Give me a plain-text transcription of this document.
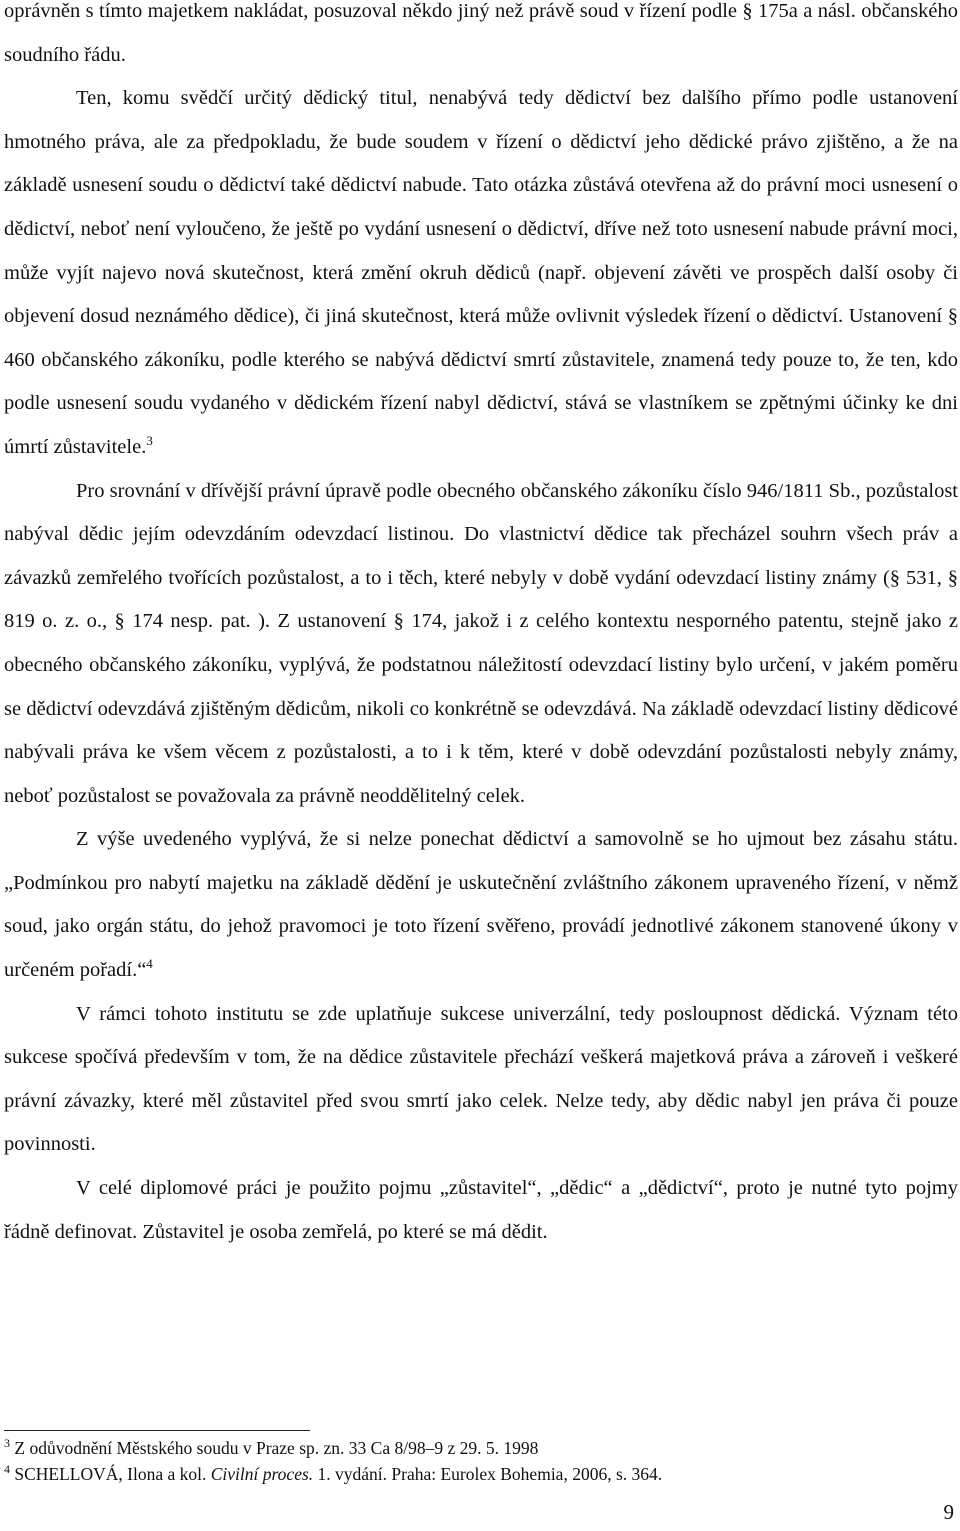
oprávněn s tímto majetkem nakládat, posuzoval někdo jiný než právě soud v řízení podle § 175a a násl. občanského soudního řádu.

Ten, komu svědčí určitý dědický titul, nenabývá tedy dědictví bez dalšího přímo podle ustanovení hmotného práva, ale za předpokladu, že bude soudem v řízení o dědictví jeho dědické právo zjištěno, a že na základě usnesení soudu o dědictví také dědictví nabude. Tato otázka zůstává otevřena až do právní moci usnesení o dědictví, neboť není vyloučeno, že ještě po vydání usnesení o dědictví, dříve než toto usnesení nabude právní moci, může vyjít najevo nová skutečnost, která změní okruh dědiců (např. objevení závěti ve prospěch další osoby či objevení dosud neznámého dědice), či jiná skutečnost, která může ovlivnit výsledek řízení o dědictví. Ustanovení § 460 občanského zákoníku, podle kterého se nabývá dědictví smrtí zůstavitele, znamená tedy pouze to, že ten, kdo podle usnesení soudu vydaného v dědickém řízení nabyl dědictví, stává se vlastníkem se zpětnými účinky ke dni úmrtí zůstavitele.$^3$

Pro srovnání v dřívější právní úpravě podle obecného občanského zákoníku číslo 946/1811 Sb., pozůstalost nabýval dědic jejím odevzdáním odevzdací listinou. Do vlastnictví dědice tak přecházel souhrn všech práv a závazků zemřelého tvořících pozůstalost, a to i těch, které nebyly v době vydání odevzdací listiny známy (§ 531, § 819 o. z. o., § 174 nesp. pat. ). Z ustanovení § 174, jakož i z celého kontextu nesporného patentu, stejně jako z obecného občanského zákoníku, vyplývá, že podstatnou náležitostí odevzdací listiny bylo určení, v jakém poměru se dědictví odevzdává zjištěným dědicům, nikoli co konkrétně se odevzdává. Na základě odevzdací listiny dědicové nabývali práva ke všem věcem z pozůstalosti, a to i k těm, které v době odevzdání pozůstalosti nebyly známy, neboť pozůstalost se považovala za právně neoddělitelný celek.

Z výše uvedeného vyplývá, že si nelze ponechat dědictví a samovolně se ho ujmout bez zásahu státu. „Podmínkou pro nabytí majetku na základě dědění je uskutečnění zvláštního zákonem upraveného řízení, v němž soud, jako orgán státu, do jehož pravomoci je toto řízení svěřeno, provádí jednotlivé zákonem stanovené úkony v určeném pořadí.“$^4$

V rámci tohoto institutu se zde uplatňuje sukcese univerzální, tedy posloupnost dědická. Význam této sukcese spočívá především v tom, že na dědice zůstavitele přechází veškerá majetková práva a zároveň i veškeré právní závazky, které měl zůstavitel před svou smrtí jako celek. Nelze tedy, aby dědic nabyl jen práva či pouze povinnosti.

V celé diplomové práci je použito pojmu „zůstavitel“, „dědic“ a „dědictví“, proto je nutné tyto pojmy řádně definovat. Zůstavitel je osoba zemřelá, po které se má dědit.

$^3$ Z odůvodnění Městského soudu v Praze sp. zn. 33 Ca 8/98–9 z 29. 5. 1998

$^4$ SCHELLOVÁ, Ilona a kol. Civilní proces. 1. vydání. Praha: Eurolex Bohemia, 2006, s. 364.

9
